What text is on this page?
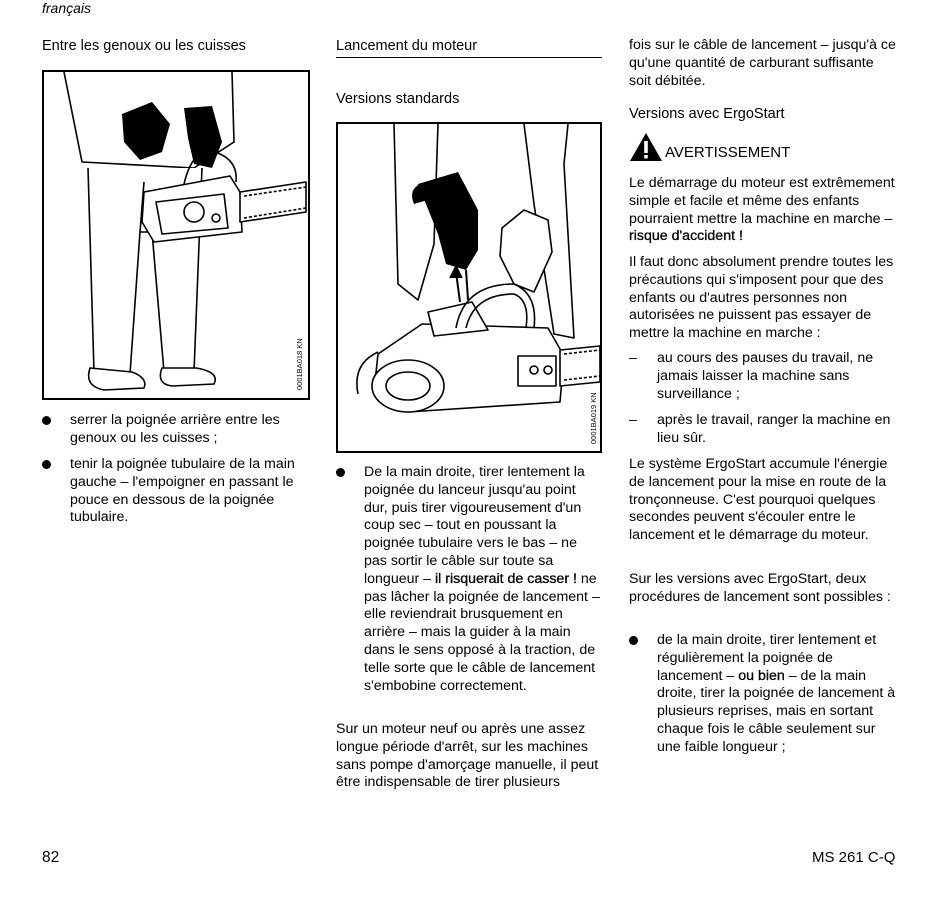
français
Entre les genoux ou les cuisses
0001BA018 KN
serrer la poignée arrière entre les genoux ou les cuisses ;
tenir la poignée tubulaire de la main gauche – l'empoigner en passant le pouce en dessous de la poignée tubulaire.
Lancement du moteur
Versions standards
0001BA019 KN
De la main droite, tirer lentement la poignée du lanceur jusqu'au point dur, puis tirer vigoureusement d'un coup sec – tout en poussant la poignée tubulaire vers le bas – ne pas sortir le câble sur toute sa longueur – il risquerait de casser ! ne pas lâcher la poignée de lancement – elle reviendrait brusquement en arrière – mais la guider à la main dans le sens opposé à la traction, de telle sorte que le câble de lancement s'embobine correctement.
Sur un moteur neuf ou après une assez longue période d'arrêt, sur les machines sans pompe d'amorçage manuelle, il peut être indispensable de tirer plusieurs
fois sur le câble de lancement – jusqu'à ce qu'une quantité de carburant suffisante soit débitée.
Versions avec ErgoStart
AVERTISSEMENT
Le démarrage du moteur est extrêmement simple et facile et même des enfants pourraient mettre la machine en marche – risque d'accident !
Il faut donc absolument prendre toutes les précautions qui s'imposent pour que des enfants ou d'autres personnes non autorisées ne puissent pas essayer de mettre la machine en marche :
– au cours des pauses du travail, ne jamais laisser la machine sans surveillance ;
– après le travail, ranger la machine en lieu sûr.
Le système ErgoStart accumule l'énergie de lancement pour la mise en route de la tronçonneuse. C'est pourquoi quelques secondes peuvent s'écouler entre le lancement et le démarrage du moteur.
Sur les versions avec ErgoStart, deux procédures de lancement sont possibles :
de la main droite, tirer lentement et régulièrement la poignée de lancement – ou bien – de la main droite, tirer la poignée de lancement à plusieurs reprises, mais en sortant chaque fois le câble seulement sur une faible longueur ;
82	MS 261 C-Q
